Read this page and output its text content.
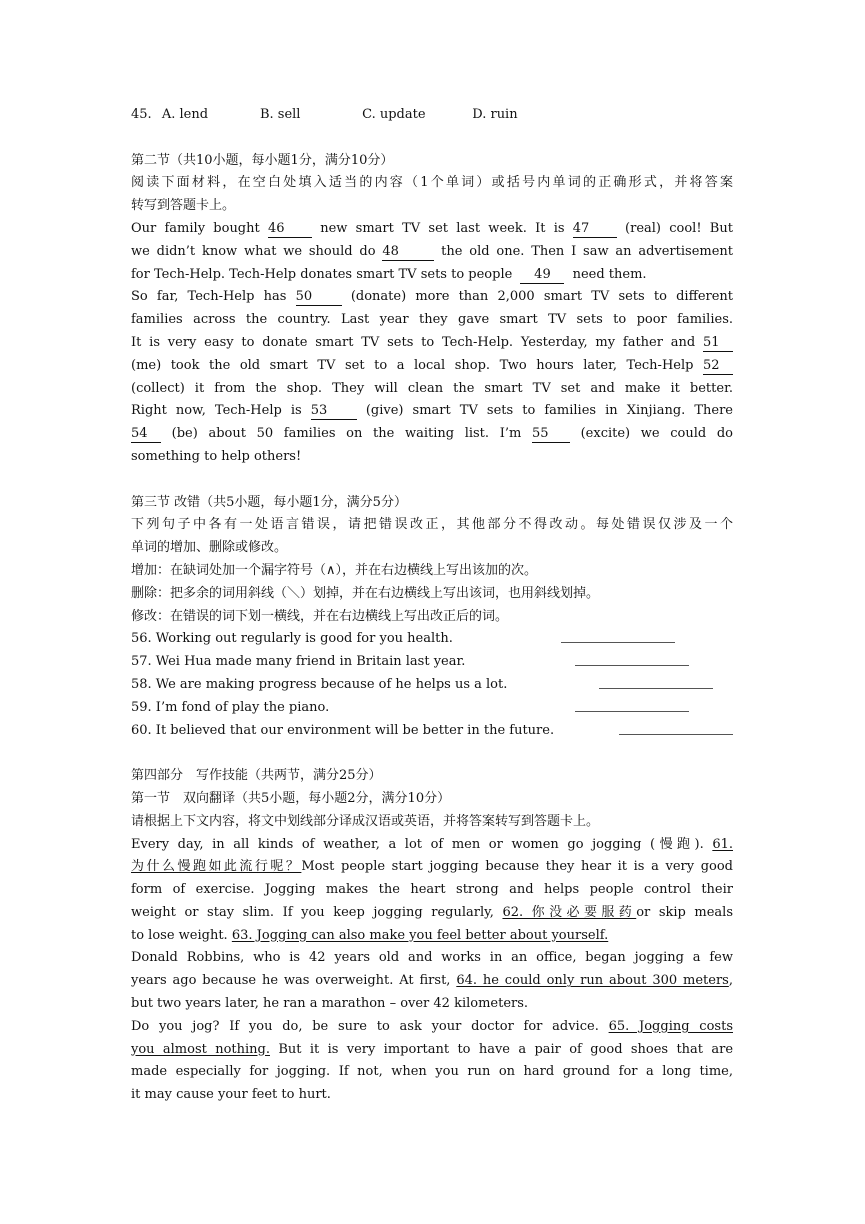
45. A. lend	B. sell	C. update	D. ruin
第二节（共10小题，每小题1分，满分10分）
阅读下面材料，在空白处填入适当的内容（1个单词）或括号内单词的正确形式，并将答案
转写到答题卡上。
Our family bought 46	new smart TV set last week. It is 47	(real) cool! But
we didn’t know what we should do 48	the old one. Then I saw an advertisement
for Tech-Help. Tech-Help donates smart TV sets to people 49 need them.
So far, Tech-Help has 50	(donate) more than 2,000 smart TV sets to different
families across the country. Last year they gave smart TV sets to poor families.
It is very easy to donate smart TV sets to Tech-Help. Yesterday, my father and 51
(me) took the old smart TV set to a local shop. Two hours later, Tech-Help 52
(collect) it from the shop. They will clean the smart TV set and make it better.
Right now, Tech-Help is 53	(give) smart TV sets to families in Xinjiang. There
54 (be) about 50 families on the waiting list. I’m 55 (excite) we could do
something to help others!
第三节 改错（共5小题，每小题1分，满分5分）
下列句子中各有一处语言错误，请把错误改正，其他部分不得改动。每处错误仅涉及一个
单词的增加、删除或修改。
增加：在缺词处加一个漏字符号（∧），并在右边横线上写出该加的次。
删除：把多余的词用斜线（＼）划掉，并在右边横线上写出该词，也用斜线划掉。
修改：在错误的词下划一横线，并在右边横线上写出改正后的词。
56. Working out regularly is good for you health.
57. Wei Hua made many friend in Britain last year.
58. We are making progress because of he helps us a lot.
59. I’m fond of play the piano.
60. It believed that our environment will be better in the future.
第四部分　写作技能（共两节，满分25分）
第一节　双向翻译（共5小题，每小题2分，满分10分）
请根据上下文内容，将文中划线部分译成汉语或英语，并将答案转写到答题卡上。
Every day, in all kinds of weather, a lot of men or women go jogging (慢跑). 61.
为什么慢跑如此流行呢？Most people start jogging because they hear it is a very good
form of exercise. Jogging makes the heart strong and helps people control their
weight or stay slim. If you keep jogging regularly, 62. 你没必要服药or skip meals
to lose weight. 63. Jogging can also make you feel better about yourself.
Donald Robbins, who is 42 years old and works in an office, began jogging a few
years ago because he was overweight. At first, 64. he could only run about 300 meters,
but two years later, he ran a marathon – over 42 kilometers.
Do you jog? If you do, be sure to ask your doctor for advice. 65. Jogging costs
you almost nothing. But it is very important to have a pair of good shoes that are
made especially for jogging. If not, when you run on hard ground for a long time,
it may cause your feet to hurt.
